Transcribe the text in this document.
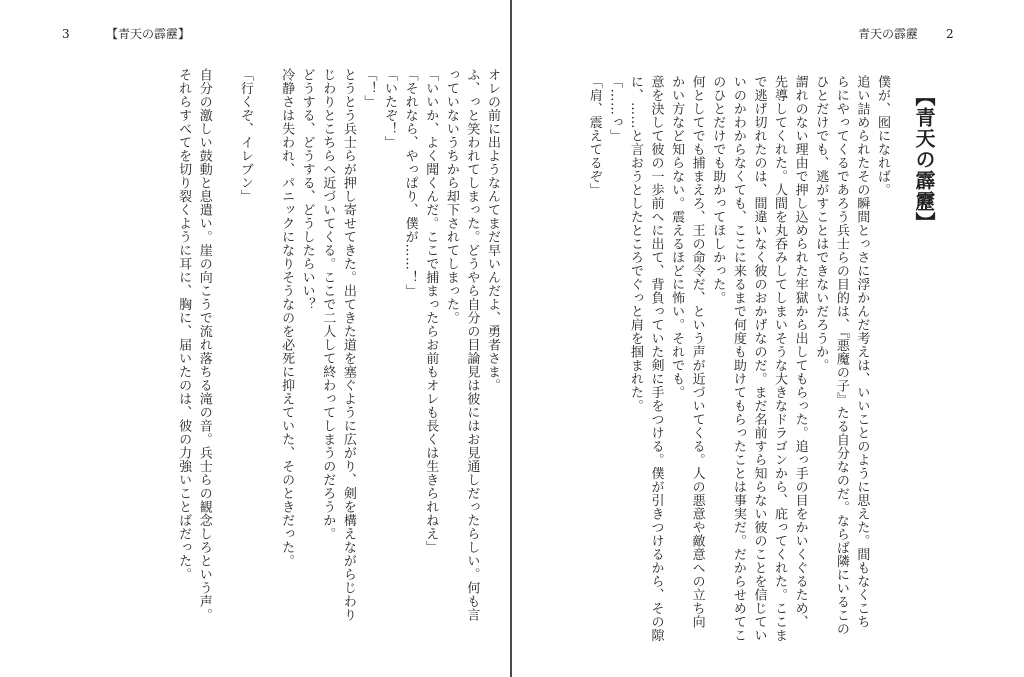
3	【青天の霹靂】
オレの前に出ようなんてまだ早いんだよ、勇者さま。
ふ、っと笑われてしまった。どうやら自分の目論見は彼にはお見通しだったらしい。何も言
っていないうちから却下されてしまった。
「いいか、よく聞くんだ。ここで捕まったらお前もオレも長くは生きられねえ」
「それなら、やっぱり、僕が……！」
「いたぞ！」
「！」
とうとう兵士らが押し寄せてきた。出てきた道を塞ぐように広がり、剣を構えながらじわり
じわりとこちらへ近づいてくる。ここで二人して終わってしまうのだろうか。
どうする、どうする、どうしたらいい？
冷静さは失われ、パニックになりそうなのを必死に抑えていた、そのときだった。

「行くぞ、イレブン」

自分の激しい鼓動と息遣い。崖の向こうで流れ落ちる滝の音。兵士らの観念しろという声。
それらすべてを切り裂くように耳に、胸に、届いたのは、彼の力強いことばだった。
青天の霹靂 2
僕が、囮になれば。
追い詰められたその瞬間とっさに浮かんだ考えは、いいことのように思えた。間もなくこち
らにやってくるであろう兵士らの目的は、『悪魔の子』たる自分なのだ。ならば隣にいるこの
ひとだけでも、逃がすことはできないだろうか。
謂れのない理由で押し込められた牢獄から出してもらった。追っ手の目をかいくぐるため、
先導してくれた。人間を丸呑みしてしまいそうな大きなドラゴンから、庇ってくれた。ここま
で逃げ切れたのは、間違いなく彼のおかげなのだ。まだ名前すら知らない彼のことを信じてい
いのかわからなくても、ここに来るまで何度も助けてもらったことは事実だ。だからせめてこ
のひとだけでも助かってほしかった。
何としてでも捕まえろ、王の命令だ、という声が近づいてくる。人の悪意や敵意への立ち向
かい方など知らない。震えるほどに怖い。それでも。
意を決して彼の一歩前へに出て、背負っていた剣に手をつける。僕が引きつけるから、その隙
に、……と言おうとしたところでぐっと肩を掴まれた。
「……っ」
「肩、震えてるぞ」	【青天の霹靂】
